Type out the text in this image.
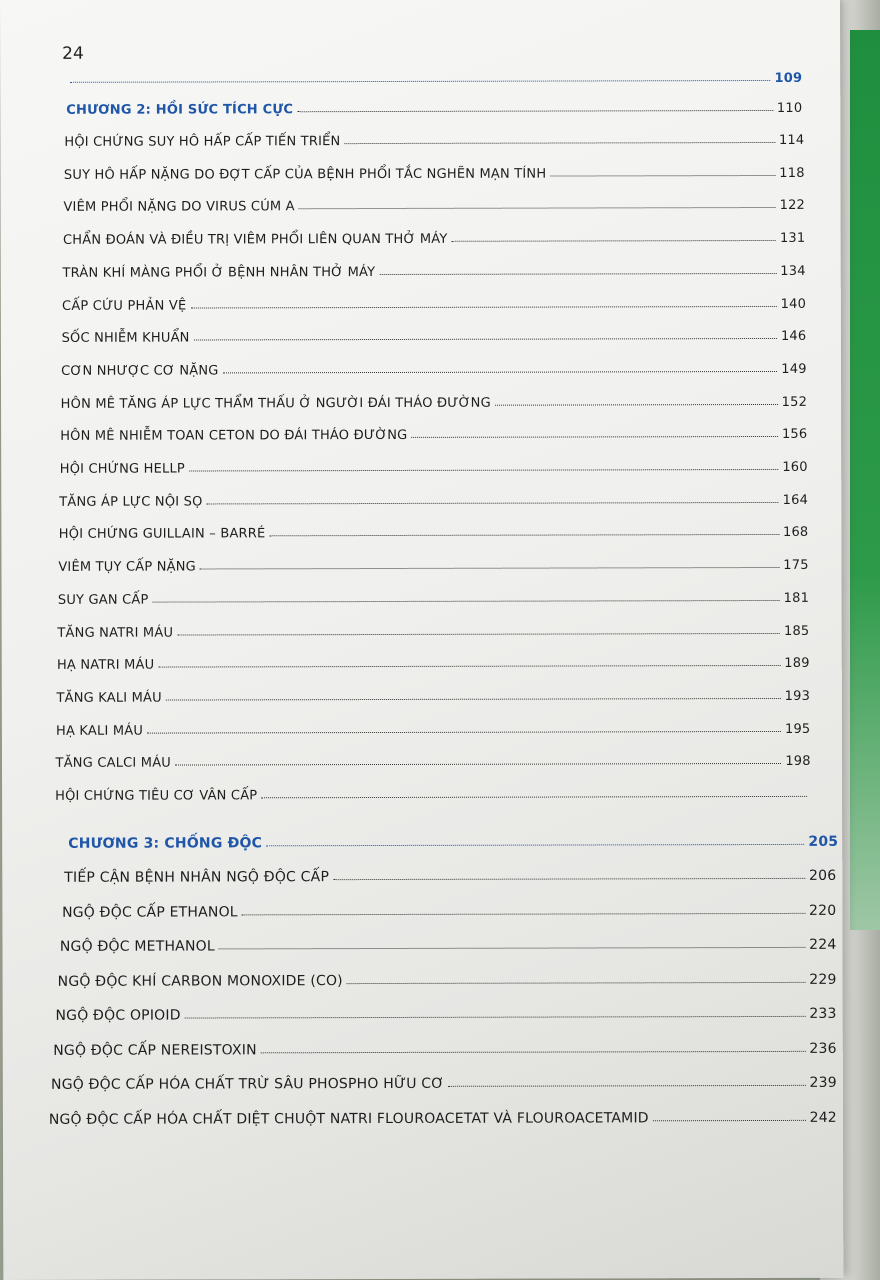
24
109
CHƯƠNG 2: HỒI SỨC TÍCH CỰC	110
HỘI CHỨNG SUY HÔ HẤP CẤP TIẾN TRIỂN	114
SUY HÔ HẤP NẶNG DO ĐỢT CẤP CỦA BỆNH PHỔI TẮC NGHẼN MẠN TÍNH	118
VIÊM PHỔI NẶNG DO VIRUS CÚM A	122
CHẨN ĐOÁN VÀ ĐIỀU TRỊ VIÊM PHỔI LIÊN QUAN THỞ MÁY	131
TRÀN KHÍ MÀNG PHỔI Ở BỆNH NHÂN THỞ MÁY	134
CẤP CỨU PHẢN VỆ	140
SỐC NHIỄM KHUẨN	146
CƠN NHƯỢC CƠ NẶNG	149
HÔN MÊ TĂNG ÁP LỰC THẨM THẤU Ở NGƯỜI ĐÁI THÁO ĐƯỜNG	152
HÔN MÊ NHIỄM TOAN CETON DO ĐÁI THÁO ĐƯỜNG	156
HỘI CHỨNG HELLP	160
TĂNG ÁP LỰC NỘI SỌ	164
HỘI CHỨNG GUILLAIN – BARRÉ	168
VIÊM TỤY CẤP NẶNG	175
SUY GAN CẤP	181
TĂNG NATRI MÁU	185
HẠ NATRI MÁU	189
TĂNG KALI MÁU	193
HẠ KALI MÁU	195
TĂNG CALCI MÁU	198
HỘI CHỨNG TIÊU CƠ VÂN CẤP
CHƯƠNG 3: CHỐNG ĐỘC	205
TIẾP CẬN BỆNH NHÂN NGỘ ĐỘC CẤP	206
NGỘ ĐỘC CẤP ETHANOL	220
NGỘ ĐỘC METHANOL	224
NGỘ ĐỘC KHÍ CARBON MONOXIDE (CO)	229
NGỘ ĐỘC OPIOID	233
NGỘ ĐỘC CẤP NEREISTOXIN	236
NGỘ ĐỘC CẤP HÓA CHẤT TRỪ SÂU PHOSPHO HỮU CƠ	239
NGỘ ĐỘC CẤP HÓA CHẤT DIỆT CHUỘT NATRI FLOUROACETAT VÀ FLOUROACETAMID	242
